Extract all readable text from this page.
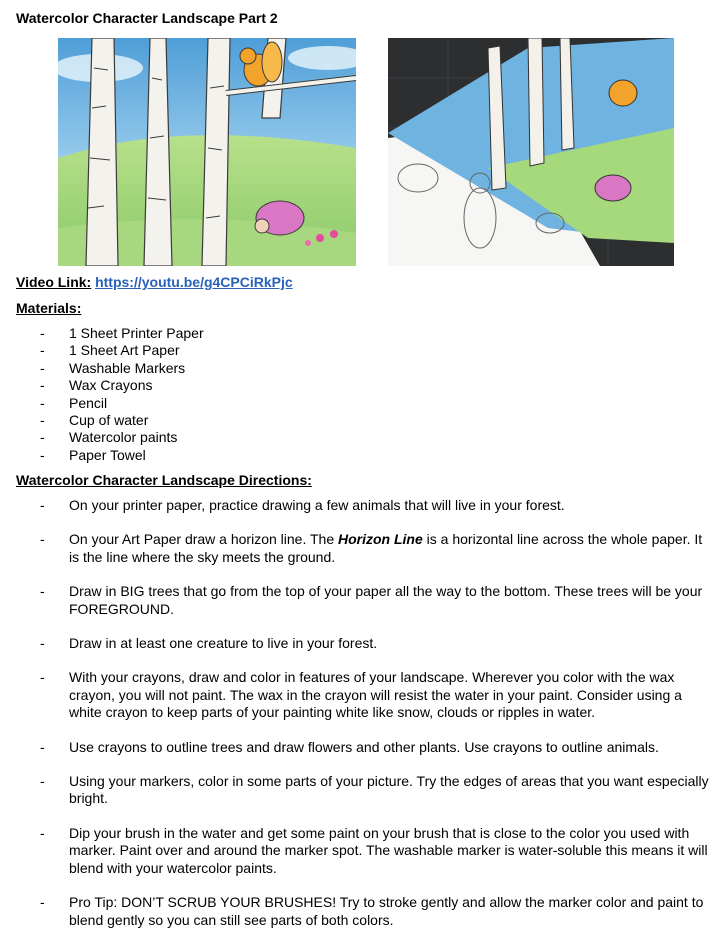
Watercolor Character Landscape Part 2
Video Link: https://youtu.be/g4CPCiRkPjc
Materials:
- 1 Sheet Printer Paper
- 1 Sheet Art Paper
- Washable Markers
- Wax Crayons
- Pencil
- Cup of water
- Watercolor paints
- Paper Towel
Watercolor Character Landscape Directions:
- On your printer paper, practice drawing a few animals that will live in your forest.
- On your Art Paper draw a horizon line. The Horizon Line is a horizontal line across the whole paper. It is the line where the sky meets the ground.
- Draw in BIG trees that go from the top of your paper all the way to the bottom. These trees will be your FOREGROUND.
- Draw in at least one creature to live in your forest.
- With your crayons, draw and color in features of your landscape. Wherever you color with the wax crayon, you will not paint. The wax in the crayon will resist the water in your paint. Consider using a white crayon to keep parts of your painting white like snow, clouds or ripples in water.
- Use crayons to outline trees and draw flowers and other plants. Use crayons to outline animals.
- Using your markers, color in some parts of your picture. Try the edges of areas that you want especially bright.
- Dip your brush in the water and get some paint on your brush that is close to the color you used with marker. Paint over and around the marker spot. The washable marker is water-soluble this means it will blend with your watercolor paints.
- Pro Tip: DON’T SCRUB YOUR BRUSHES! Try to stroke gently and allow the marker color and paint to blend gently so you can still see parts of both colors.
